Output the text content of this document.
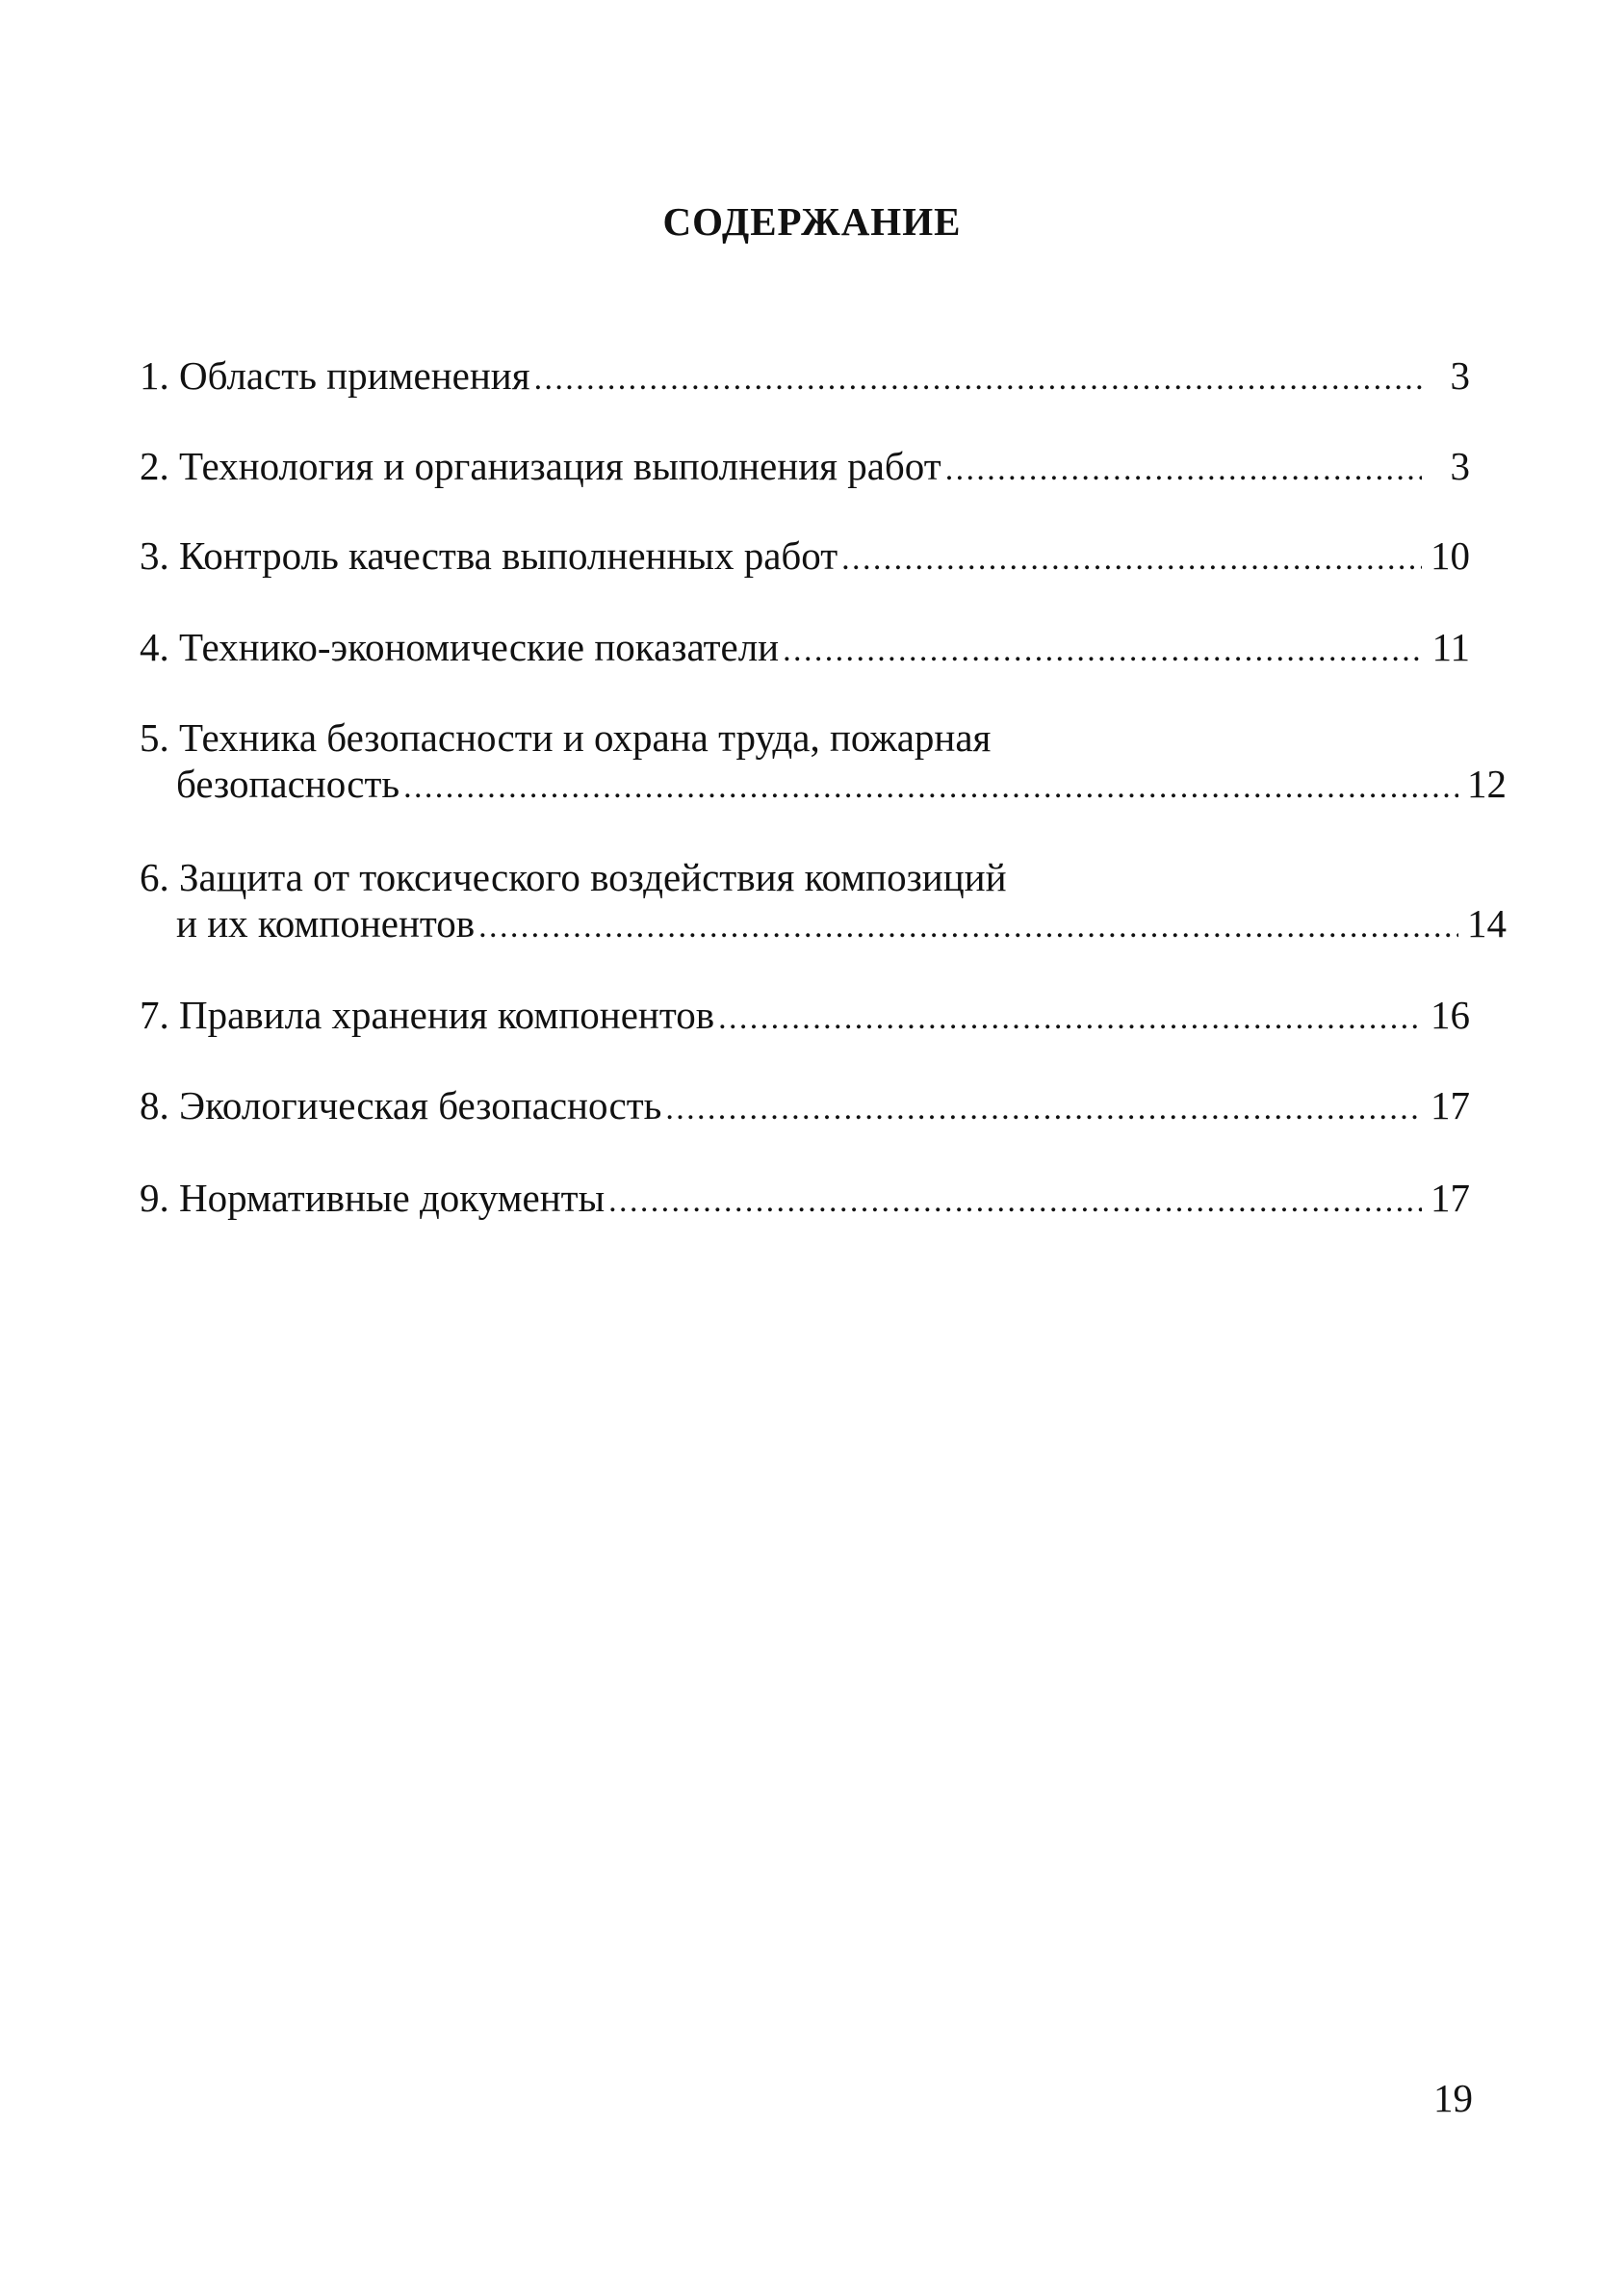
СОДЕРЖАНИЕ
1. Область применения .....	3
2. Технология и организация выполнения работ .....	3
3. Контроль качества выполненных работ .....	10
4. Технико-экономические показатели .....	11
5. Техника безопасности и охрана труда, пожарная
безопасность .....	12
6. Защита от токсического воздействия композиций
и их компонентов .....	14
7. Правила хранения компонентов .....	16
8. Экологическая безопасность .....	17
9. Нормативные документы .....	17
19
